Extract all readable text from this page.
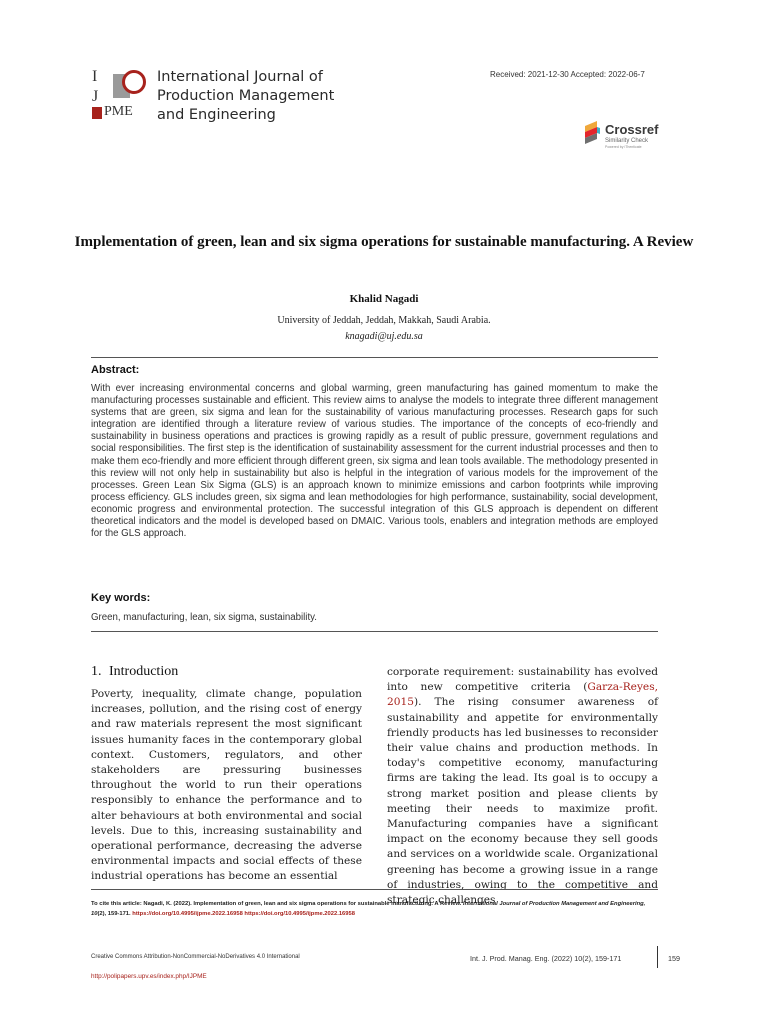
I
J
PME
International Journal of
Production Management
and Engineering
Received: 2021-12-30 Accepted: 2022-06-7
Crossref
Similarity Check
Powered by iThenticate
Implementation of green, lean and six sigma operations for sustainable manufacturing. A Review
Khalid Nagadi
University of Jeddah, Jeddah, Makkah, Saudi Arabia.
knagadi@uj.edu.sa
Abstract:
With ever increasing environmental concerns and global warming, green manufacturing has gained momentum to make the manufacturing processes sustainable and efficient. This review aims to analyse the models to integrate three different management systems that are green, six sigma and lean for the sustainability of various manufacturing processes. Research gaps for such integration are identified through a literature review of various studies. The importance of the concepts of eco-friendly and sustainability in business operations and practices is growing rapidly as a result of public pressure, government regulations and social responsibilities. The first step is the identification of sustainability assessment for the current industrial processes and then to make them eco-friendly and more efficient through different green, six sigma and lean tools available. The methodology presented in this review will not only help in sustainability but also is helpful in the integration of various models for the improvement of the processes. Green Lean Six Sigma (GLS) is an approach known to minimize emissions and carbon footprints while improving process efficiency. GLS includes green, six sigma and lean methodologies for high performance, sustainability, social development, economic progress and environmental protection. The successful integration of this GLS approach is dependent on different theoretical indicators and the model is developed based on DMAIC. Various tools, enablers and integration methods are employed for the GLS approach.
Key words:
Green, manufacturing, lean, six sigma, sustainability.
1. Introduction
Poverty, inequality, climate change, population increases, pollution, and the rising cost of energy and raw materials represent the most significant issues humanity faces in the contemporary global context. Customers, regulators, and other stakeholders are pressuring businesses throughout the world to run their operations responsibly to enhance the performance and to alter behaviours at both environmental and social levels. Due to this, increasing sustainability and operational performance, decreasing the adverse environmental impacts and social effects of these industrial operations has become an essential
corporate requirement: sustainability has evolved into new competitive criteria (Garza-Reyes, 2015). The rising consumer awareness of sustainability and appetite for environmentally friendly products has led businesses to reconsider their value chains and production methods. In today's competitive economy, manufacturing firms are taking the lead. Its goal is to occupy a strong market position and please clients by meeting their needs to maximize profit. Manufacturing companies have a significant impact on the economy because they sell goods and services on a worldwide scale. Organizational greening has become a growing issue in a range of industries, owing to the competitive and strategic challenges
To cite this article: Nagadi, K. (2022). Implementation of green, lean and six sigma operations for sustainable manufacturing. A Review. International Journal of Production Management and Engineering, 10(2), 159-171. https://doi.org/10.4995/ijpme.2022.16958 https://doi.org/10.4995/ijpme.2022.16958
Creative Commons Attribution-NonCommercial-NoDerivatives 4.0 International
http://polipapers.upv.es/index.php/IJPME
Int. J. Prod. Manag. Eng. (2022) 10(2), 159-171	159
